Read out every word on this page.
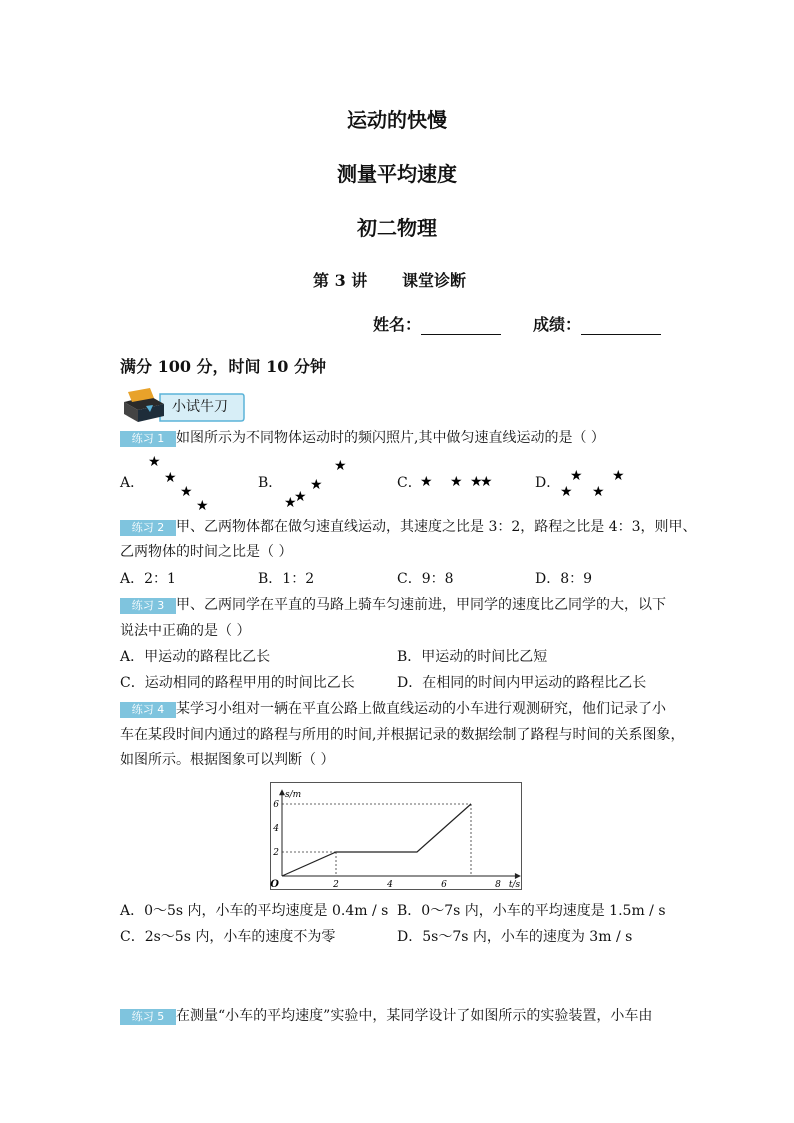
运动的快慢
测量平均速度
初二物理
第 3 讲 课堂诊断
姓名：	成绩：
满分 100 分，时间 10 分钟
小试牛刀
练习 1 如图所示为不同物体运动时的频闪照片,其中做匀速直线运动的是（ ）
A．	B．	C．	D．
★
★
★
★
★
★
★
★
★ ★ ★
★	★
★ ★
★
练习 2 甲、乙两物体都在做匀速直线运动，其速度之比是 3：2，路程之比是 4：3，则甲、
乙两物体的时间之比是（ ）
A．2：1	B．1：2	C．9：8	D．8：9
练习 3 甲、乙两同学在平直的马路上骑车匀速前进，甲同学的速度比乙同学的大，以下
说法中正确的是（ ）
A．甲运动的路程比乙长	B．甲运动的时间比乙短
C．运动相同的路程甲用的时间比乙长	D．在相同的时间内甲运动的路程比乙长
练习 4 某学习小组对一辆在平直公路上做直线运动的小车进行观测研究，他们记录了小
车在某段时间内通过的路程与所用的时间,并根据记录的数据绘制了路程与时间的关系图象，
如图所示。根据图象可以判断（ ）
2	4	6	8
2
4
6
O	t/s
s/m
A．0～5s 内，小车的平均速度是 0.4m / s B．0～7s 内，小车的平均速度是 1.5m / s
C．2s～5s 内，小车的速度不为零	D．5s～7s 内，小车的速度为 3m / s
练习 5 在测量“小车的平均速度”实验中，某同学设计了如图所示的实验装置，小车由
